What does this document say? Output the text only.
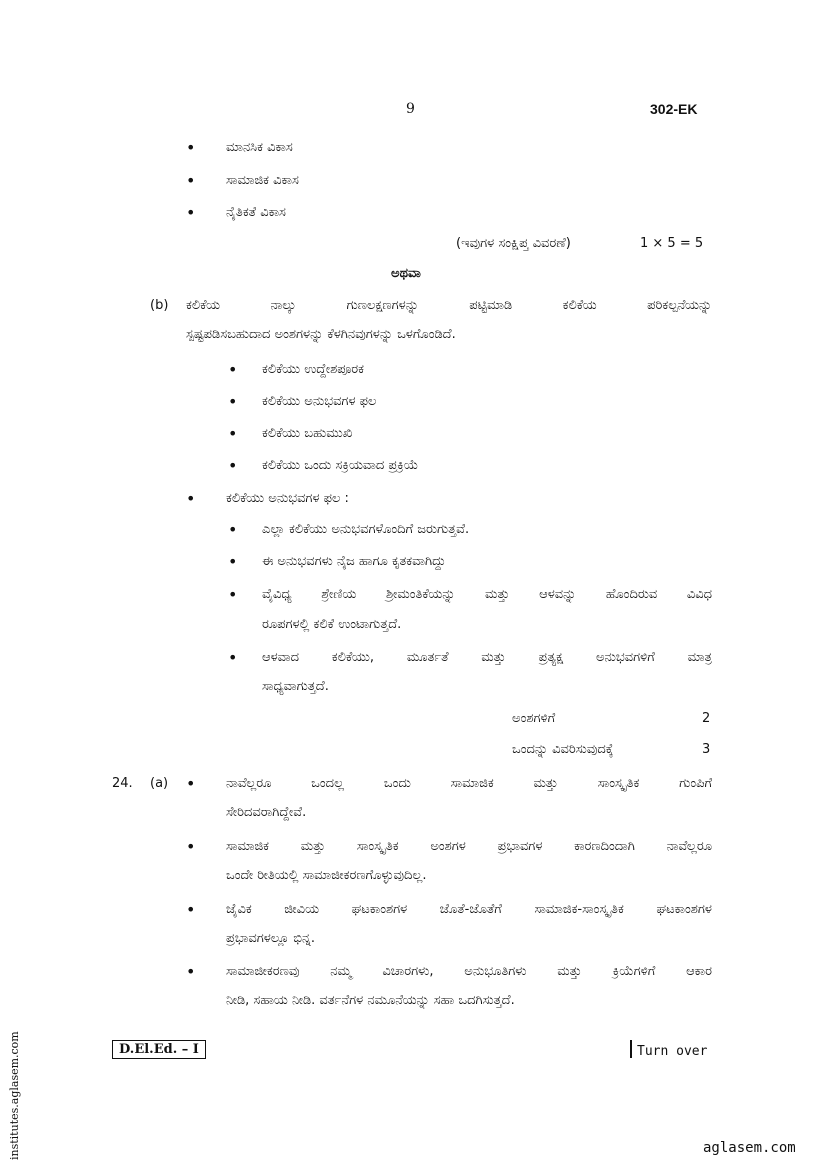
9	302-EK
• ಮಾನಸಿಕ ವಿಕಾಸ
• ಸಾಮಾಜಿಕ ವಿಕಾಸ
• ನೈತಿಕತೆ ವಿಕಾಸ
(ಇವುಗಳ ಸಂಕ್ಷಿಪ್ತ ವಿವರಣೆ)	1 × 5 = 5
ಅಥವಾ
(b) ಕಲಿಕೆಯ ನಾಲ್ಕು ಗುಣಲಕ್ಷಣಗಳನ್ನು ಪಟ್ಟಿಮಾಡಿ ಕಲಿಕೆಯ ಪರಿಕಲ್ಪನೆಯನ್ನು
ಸ್ಪಷ್ಟಪಡಿಸಬಹುದಾದ ಅಂಶಗಳನ್ನು ಕೆಳಗಿನವುಗಳನ್ನು ಒಳಗೊಂಡಿದೆ.
• ಕಲಿಕೆಯು ಉದ್ದೇಶಪೂರಕ
• ಕಲಿಕೆಯು ಅನುಭವಗಳ ಫಲ
• ಕಲಿಕೆಯು ಬಹುಮುಖಿ
• ಕಲಿಕೆಯು ಒಂದು ಸಕ್ರಿಯವಾದ ಪ್ರಕ್ರಿಯೆ
• ಕಲಿಕೆಯು ಅನುಭವಗಳ ಫಲ :
• ಎಲ್ಲಾ ಕಲಿಕೆಯು ಅನುಭವಗಳೊಂದಿಗೆ ಜರುಗುತ್ತವೆ.
• ಈ ಅನುಭವಗಳು ನೈಜ ಹಾಗೂ ಕೃತಕವಾಗಿದ್ದು
• ವೈವಿಧ್ಯ ಶ್ರೇಣಿಯ ಶ್ರೀಮಂತಿಕೆಯನ್ನು ಮತ್ತು ಆಳವನ್ನು ಹೊಂದಿರುವ ವಿವಿಧ
ರೂಪಗಳಲ್ಲಿ ಕಲಿಕೆ ಉಂಟಾಗುತ್ತದೆ.
• ಆಳವಾದ ಕಲಿಕೆಯು, ಮೂರ್ತತೆ ಮತ್ತು ಪ್ರತ್ಯಕ್ಷ ಅನುಭವಗಳಿಗೆ ಮಾತ್ರ
ಸಾಧ್ಯವಾಗುತ್ತದೆ.
ಅಂಶಗಳಿಗೆ	2
ಒಂದನ್ನು ವಿವರಿಸುವುದಕ್ಕೆ	3
24. (a) • ನಾವೆಲ್ಲರೂ ಒಂದಲ್ಲ ಒಂದು ಸಾಮಾಜಿಕ ಮತ್ತು ಸಾಂಸ್ಕೃತಿಕ ಗುಂಪಿಗೆ
ಸೇರಿದವರಾಗಿದ್ದೇವೆ.
• ಸಾಮಾಜಿಕ ಮತ್ತು ಸಾಂಸ್ಕೃತಿಕ ಅಂಶಗಳ ಪ್ರಭಾವಗಳ ಕಾರಣದಿಂದಾಗಿ ನಾವೆಲ್ಲರೂ
ಒಂದೇ ರೀತಿಯಲ್ಲಿ ಸಾಮಾಜೀಕರಣಗೊಳ್ಳುವುದಿಲ್ಲ.
• ಜೈವಿಕ ಜೀವಿಯ ಘಟಕಾಂಶಗಳ ಜೊತೆ-ಜೊತೆಗೆ ಸಾಮಾಜಿಕ-ಸಾಂಸ್ಕೃತಿಕ ಘಟಕಾಂಶಗಳ
ಪ್ರಭಾವಗಳಲ್ಲೂ ಭಿನ್ನ.
• ಸಾಮಾಜೀಕರಣವು ನಮ್ಮ ವಿಚಾರಗಳು, ಅನುಭೂತಿಗಳು ಮತ್ತು ಕ್ರಿಯೆಗಳಿಗೆ ಆಕಾರ
ನೀಡಿ, ಸಹಾಯ ನೀಡಿ. ವರ್ತನೆಗಳ ನಮೂನೆಯನ್ನು ಸಹಾ ಒದಗಿಸುತ್ತದೆ.
D.El.Ed. – I	Turn over
institutes.aglasem.com	aglasem.com
